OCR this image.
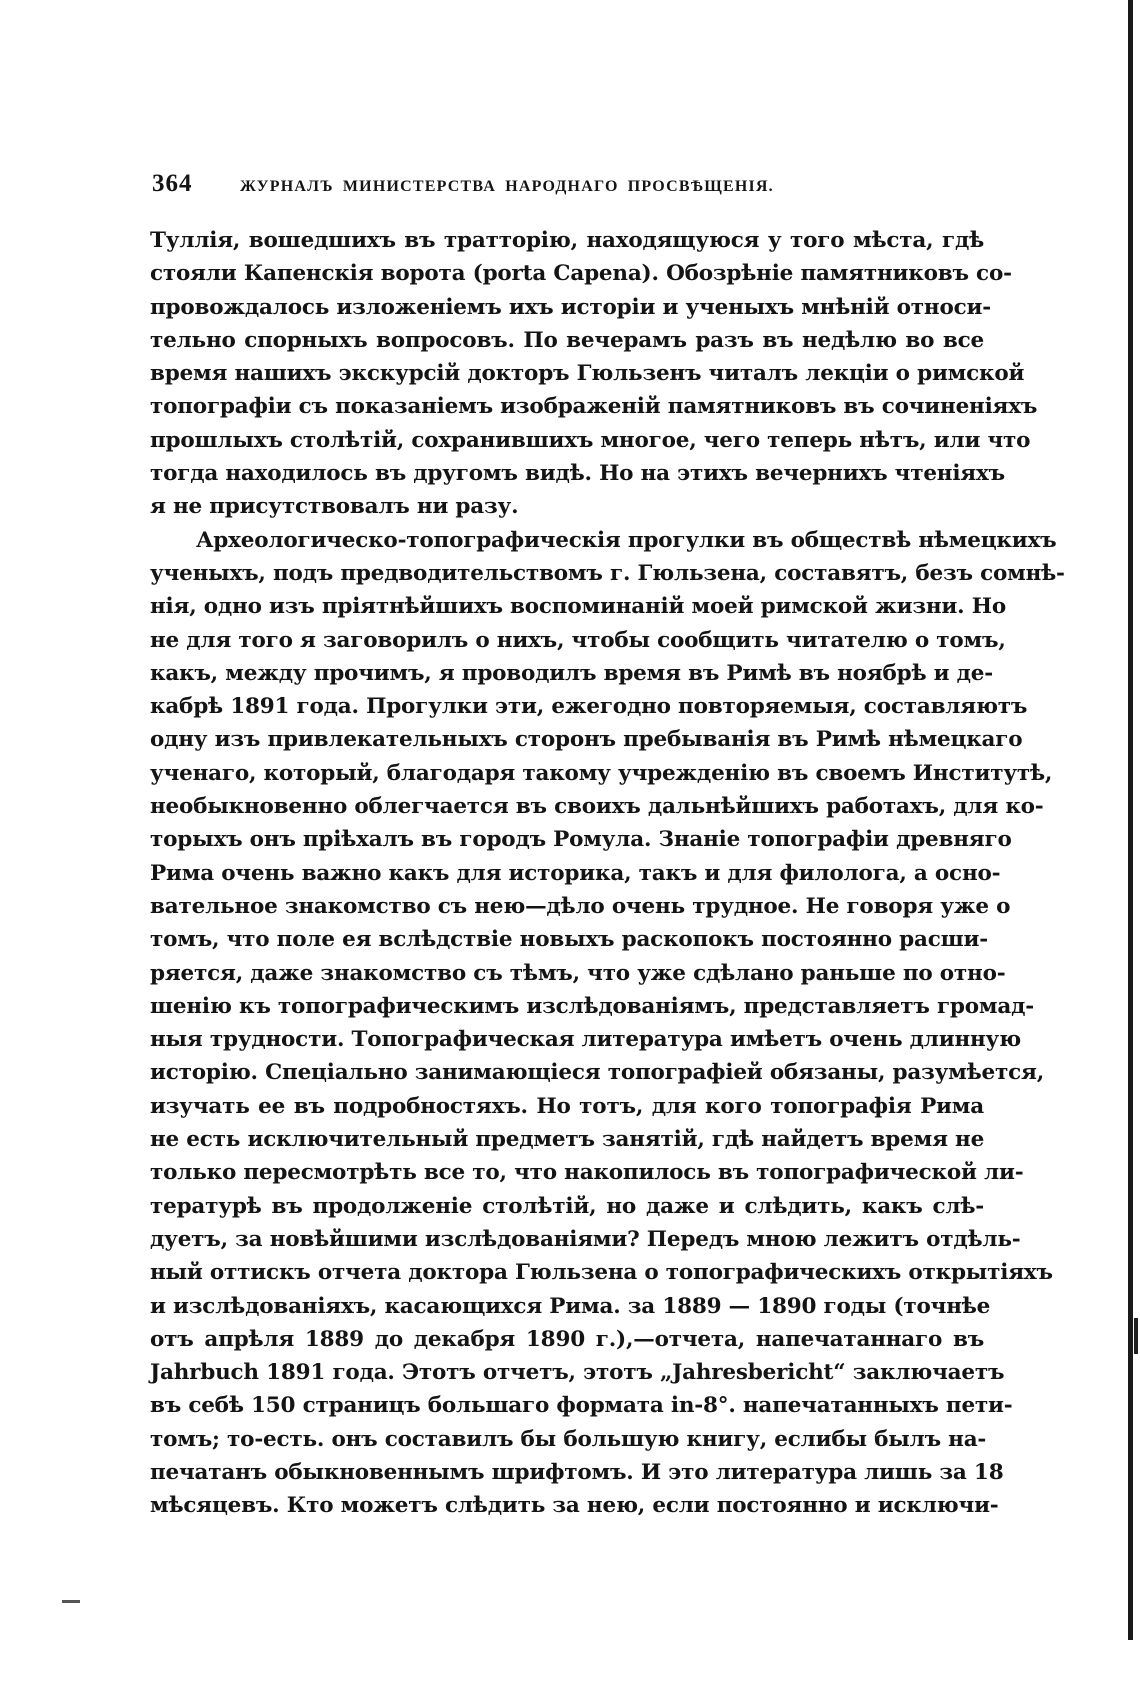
364	ЖУРНАЛЪ МИНИСТЕРСТВА НАРОДНАГО ПРОСВѢЩЕНІЯ.
Туллія, вошедшихъ въ тратторію, находящуюся у того мѣста, гдѣ
стояли Капенскія ворота (porta Capena). Обозрѣніе памятниковъ со-
провождалось изложеніемъ ихъ исторіи и ученыхъ мнѣній относи-
тельно спорныхъ вопросовъ. По вечерамъ разъ въ недѣлю во все
время нашихъ экскурсій докторъ Гюльзенъ читалъ лекціи о римской
топографіи съ показаніемъ изображеній памятниковъ въ сочиненіяхъ
прошлыхъ столѣтій, сохранившихъ многое, чего теперь нѣтъ, или что
тогда находилось въ другомъ видѣ. Но на этихъ вечернихъ чтеніяхъ
я не присутствовалъ ни разу.
Археологическо-топографическія прогулки въ обществѣ нѣмецкихъ
ученыхъ, подъ предводительствомъ г. Гюльзена, составятъ, безъ сомнѣ-
нія, одно изъ пріятнѣйшихъ воспоминаній моей римской жизни. Но
не для того я заговорилъ о нихъ, чтобы сообщить читателю о томъ,
какъ, между прочимъ, я проводилъ время въ Римѣ въ ноябрѣ и де-
кабрѣ 1891 года. Прогулки эти, ежегодно повторяемыя, составляютъ
одну изъ привлекательныхъ сторонъ пребыванія въ Римѣ нѣмецкаго
ученаго, который, благодаря такому учрежденію въ своемъ Институтѣ,
необыкновенно облегчается въ своихъ дальнѣйшихъ работахъ, для ко-
торыхъ онъ пріѣхалъ въ городъ Ромула. Знаніе топографіи древняго
Рима очень важно какъ для историка, такъ и для филолога, а осно-
вательное знакомство съ нею—дѣло очень трудное. Не говоря уже о
томъ, что поле ея вслѣдствіе новыхъ раскопокъ постоянно расши-
ряется, даже знакомство съ тѣмъ, что уже сдѣлано раньше по отно-
шенію къ топографическимъ изслѣдованіямъ, представляетъ громад-
ныя трудности. Топографическая литература имѣетъ очень длинную
исторію. Спеціально занимающіеся топографіей обязаны, разумѣется,
изучать ее въ подробностяхъ. Но тотъ, для кого топографія Рима
не есть исключительный предметъ занятій, гдѣ найдетъ время не
только пересмотрѣть все то, что накопилось въ топографической ли-
тературѣ въ продолженіе столѣтій, но даже и слѣдить, какъ слѣ-
дуетъ, за новѣйшими изслѣдованіями? Передъ мною лежитъ отдѣль-
ный оттискъ отчета доктора Гюльзена о топографическихъ открытіяхъ
и изслѣдованіяхъ, касающихся Рима. за 1889 — 1890 годы (точнѣе
отъ апрѣля 1889 до декабря 1890 г.),—отчета, напечатаннаго въ
Jahrbuch 1891 года. Этотъ отчетъ, этотъ „Jahresbericht“ заключаетъ
въ себѣ 150 страницъ большаго формата in-8°. напечатанныхъ пети-
томъ; то-есть. онъ составилъ бы большую книгу, еслибы былъ на-
печатанъ обыкновеннымъ шрифтомъ. И это литература лишь за 18
мѣсяцевъ. Кто можетъ слѣдить за нею, если постоянно и исключи-
